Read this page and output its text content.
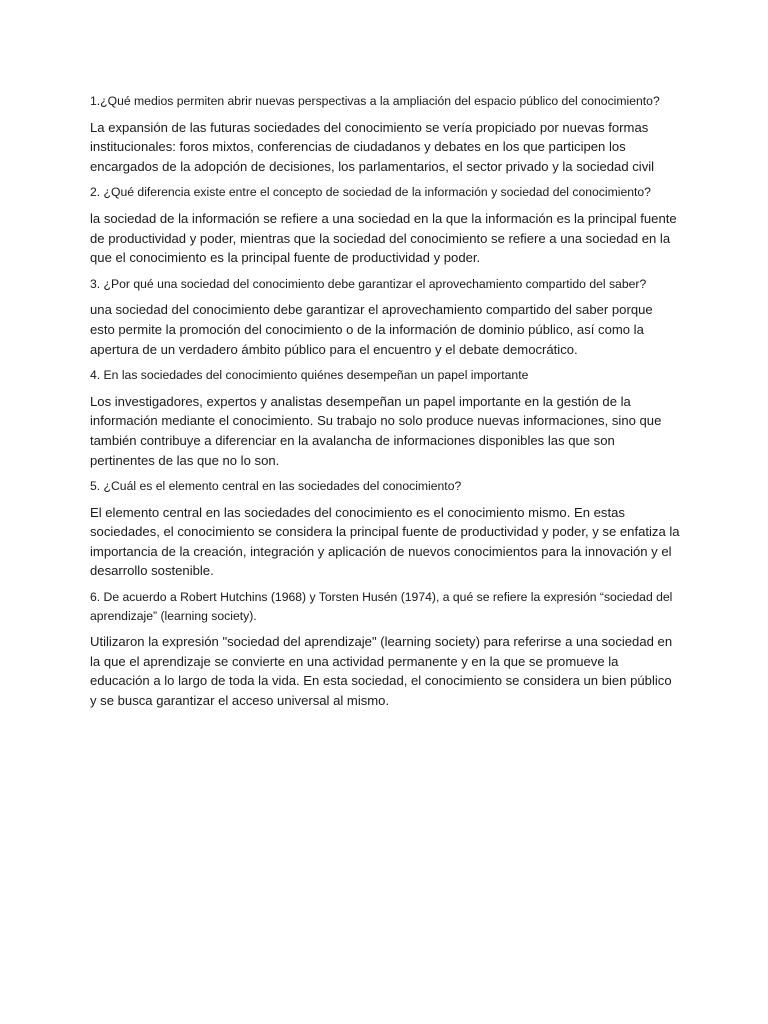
1.¿Qué medios permiten abrir nuevas perspectivas a la ampliación del espacio público del conocimiento?

La expansión de las futuras sociedades del conocimiento se vería propiciado por nuevas formas institucionales: foros mixtos, conferencias de ciudadanos y debates en los que participen los encargados de la adopción de decisiones, los parlamentarios, el sector privado y la sociedad civil

2. ¿Qué diferencia existe entre el concepto de sociedad de la información y sociedad del conocimiento?

la sociedad de la información se refiere a una sociedad en la que la información es la principal fuente de productividad y poder, mientras que la sociedad del conocimiento se refiere a una sociedad en la que el conocimiento es la principal fuente de productividad y poder.

3. ¿Por qué una sociedad del conocimiento debe garantizar el aprovechamiento compartido del saber?

una sociedad del conocimiento debe garantizar el aprovechamiento compartido del saber porque esto permite la promoción del conocimiento o de la información de dominio público, así como la apertura de un verdadero ámbito público para el encuentro y el debate democrático.

4. En las sociedades del conocimiento quiénes desempeñan un papel importante

Los investigadores, expertos y analistas desempeñan un papel importante en la gestión de la información mediante el conocimiento. Su trabajo no solo produce nuevas informaciones, sino que también contribuye a diferenciar en la avalancha de informaciones disponibles las que son pertinentes de las que no lo son.

5. ¿Cuál es el elemento central en las sociedades del conocimiento?

El elemento central en las sociedades del conocimiento es el conocimiento mismo. En estas sociedades, el conocimiento se considera la principal fuente de productividad y poder, y se enfatiza la importancia de la creación, integración y aplicación de nuevos conocimientos para la innovación y el desarrollo sostenible.

6. De acuerdo a Robert Hutchins (1968) y Torsten Husén (1974), a qué se refiere la expresión “sociedad del aprendizaje” (learning society).

Utilizaron la expresión "sociedad del aprendizaje" (learning society) para referirse a una sociedad en la que el aprendizaje se convierte en una actividad permanente y en la que se promueve la educación a lo largo de toda la vida. En esta sociedad, el conocimiento se considera un bien público y se busca garantizar el acceso universal al mismo.
